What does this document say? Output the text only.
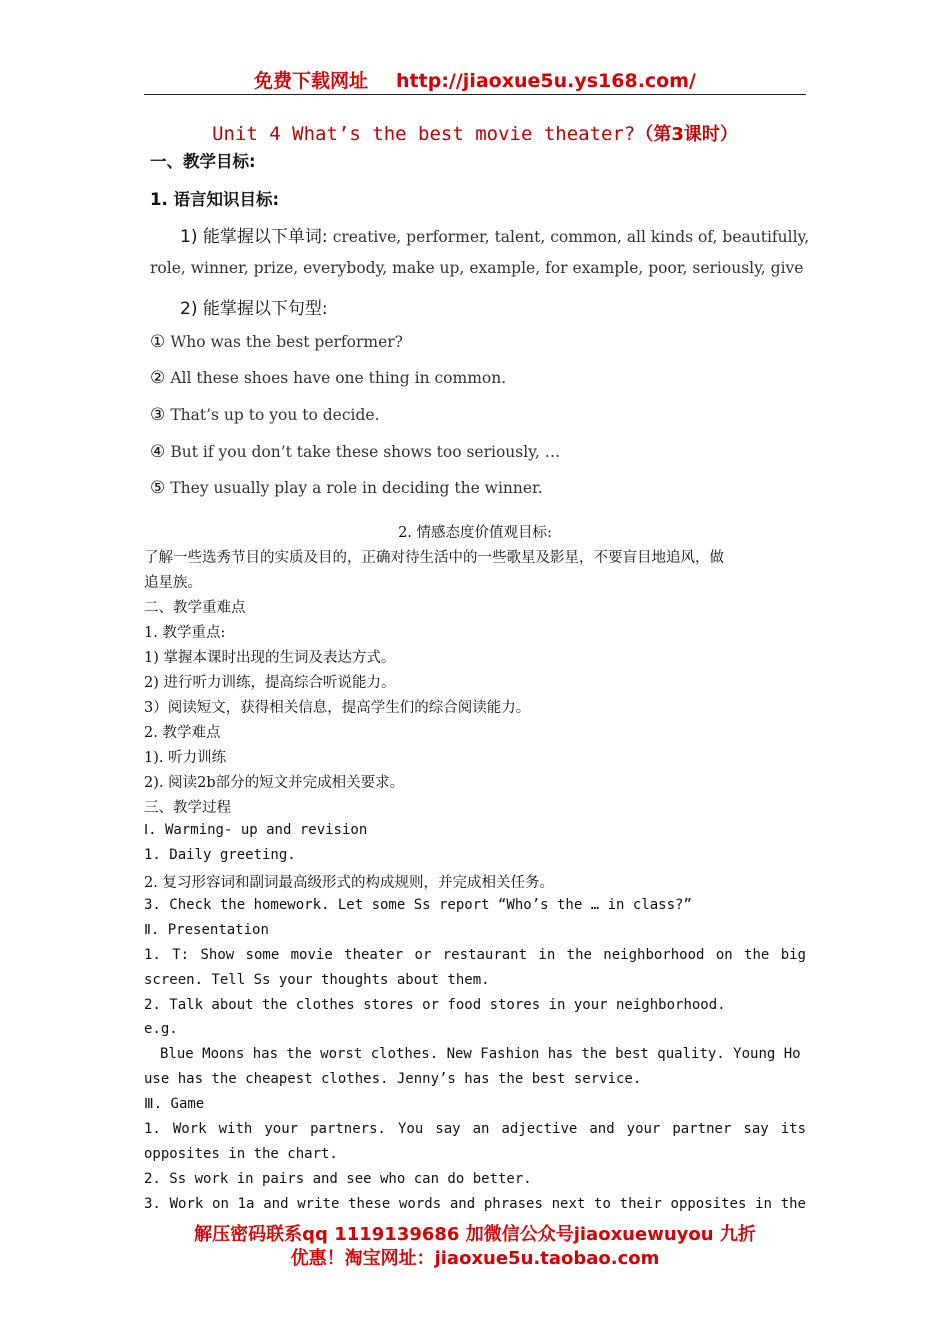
免费下载网址 http://jiaoxue5u.ys168.com/
Unit 4 What’s the best movie theater?（第3课时）
一、教学目标:
1. 语言知识目标:
1) 能掌握以下单词: creative, performer, talent, common, all kinds of, beautifully,
role, winner, prize, everybody, make up, example, for example, poor, seriously, give
2) 能掌握以下句型:
① Who was the best performer?
② All these shoes have one thing in common.
③ That’s up to you to decide.
④ But if you don’t take these shows too seriously, …
⑤ They usually play a role in deciding the winner.
2. 情感态度价值观目标:
了解一些选秀节目的实质及目的，正确对待生活中的一些歌星及影星，不要盲目地追风，做
追星族。
二、教学重难点
1. 教学重点:
1) 掌握本课时出现的生词及表达方式。
2) 进行听力训练，提高综合听说能力。
3）阅读短文，获得相关信息，提高学生们的综合阅读能力。
2. 教学难点
1). 听力训练
2). 阅读2b部分的短文并完成相关要求。
三、教学过程
Ⅰ. Warming- up and revision
1. Daily greeting.
2. 复习形容词和副词最高级形式的构成规则，并完成相关任务。
3. Check the homework. Let some Ss report “Who’s the … in class?”
Ⅱ. Presentation
1. T: Show some movie theater or restaurant in the neighborhood on the big
screen. Tell Ss your thoughts about them.
2. Talk about the clothes stores or food stores in your neighborhood.
e.g.
Blue Moons has the worst clothes. New Fashion has the best quality. Young Ho
use has the cheapest clothes. Jenny’s has the best service.
Ⅲ. Game
1. Work with your partners. You say an adjective and your partner say its
opposites in the chart.
2. Ss work in pairs and see who can do better.
3. Work on 1a and write these words and phrases next to their opposites in the
解压密码联系qq 1119139686 加微信公众号jiaoxuewuyou 九折
优惠！淘宝网址：jiaoxue5u.taobao.com
